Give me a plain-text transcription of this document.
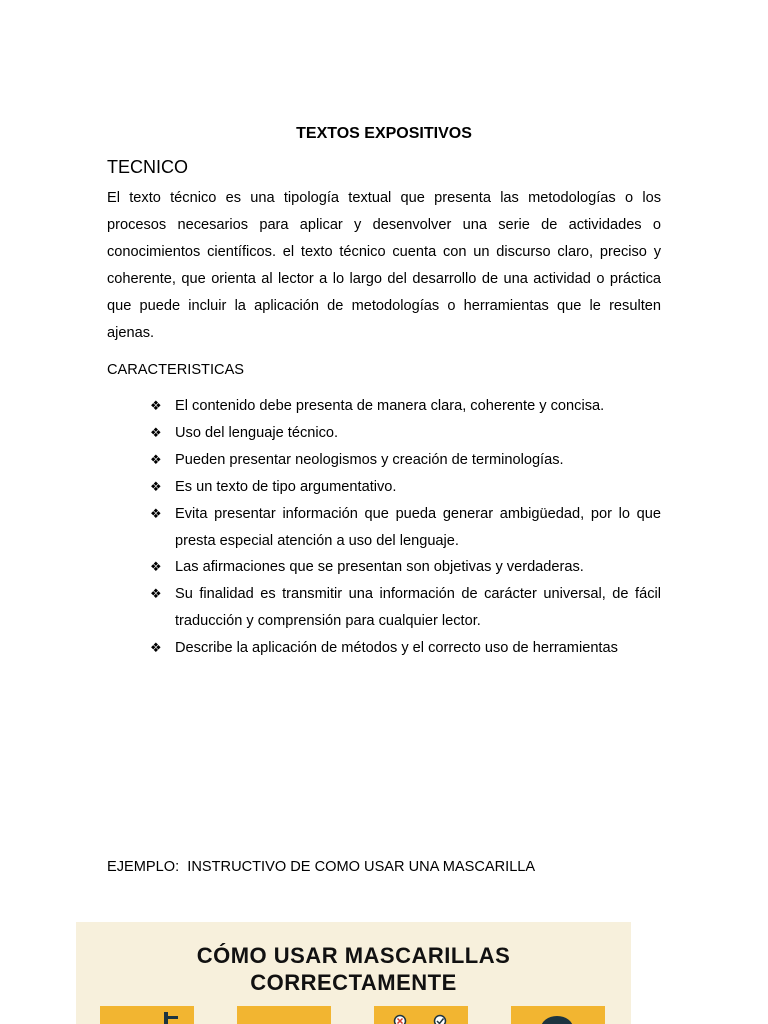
TEXTOS EXPOSITIVOS
TECNICO
El texto técnico es una tipología textual que presenta las metodologías o los procesos necesarios para aplicar y desenvolver una serie de actividades o conocimientos científicos. el texto técnico cuenta con un discurso claro, preciso y coherente, que orienta al lector a lo largo del desarrollo de una actividad o práctica que puede incluir la aplicación de metodologías o herramientas que le resulten ajenas.
CARACTERISTICAS
❖ El contenido debe presenta de manera clara, coherente y concisa.
❖ Uso del lenguaje técnico.
❖ Pueden presentar neologismos y creación de terminologías.
❖ Es un texto de tipo argumentativo.
❖ Evita presentar información que pueda generar ambigüedad, por lo que presta especial atención a uso del lenguaje.
❖ Las afirmaciones que se presentan son objetivas y verdaderas.
❖ Su finalidad es transmitir una información de carácter universal, de fácil traducción y comprensión para cualquier lector.
❖ Describe la aplicación de métodos y el correcto uso de herramientas
EJEMPLO:  INSTRUCTIVO DE COMO USAR UNA MASCARILLA
CÓMO USAR MASCARILLAS
CORRECTAMENTE
